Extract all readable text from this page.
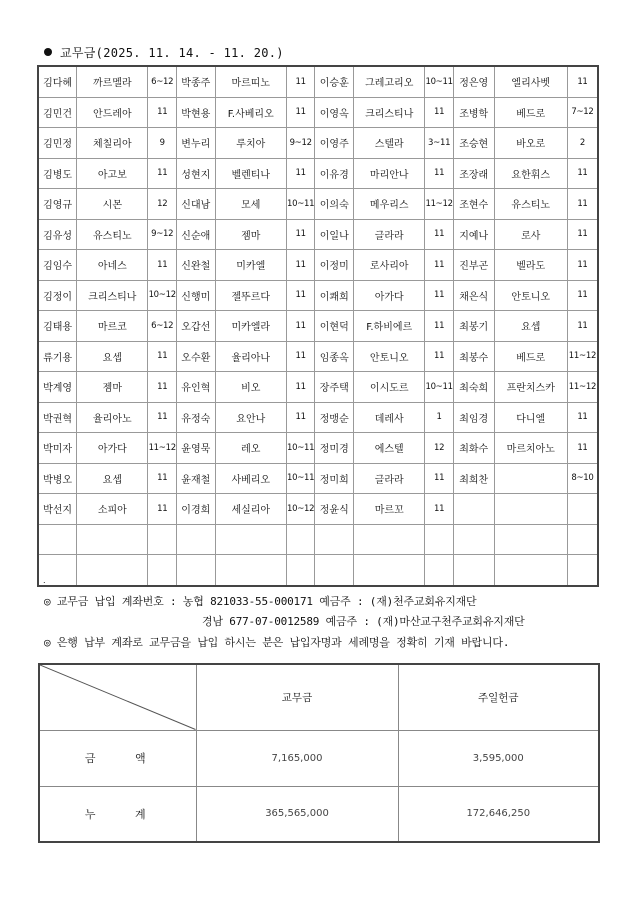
교무금(2025. 11. 14. - 11. 20.)
김다혜	까르멜라	6~12	박종주	마르띠노	11	이승훈	그레고리오	10~11	정은영	엘리사벳	11
김민건	안드레아	11	박현용	F.사베리오	11	이영옥	크리스티나	11	조병학	베드로	7~12
김민정	체칠리아	9	변누리	루치아	9~12	이영주	스텔라	3~11	조승현	바오로	2
김병도	아고보	11	성현지	벨렌티나	11	이유경	마리안나	11	조장래	요한휘스	11
김영규	시몬	12	신대남	모세	10~11	이의숙	메우리스	11~12	조현수	유스티노	11
김유성	유스티노	9~12	신순애	젬마	11	이일나	글라라	11	지예나	로사	11
김임수	아네스	11	신완철	미카엘	11	이정미	로사리아	11	진부곤	벨라도	11
김정이	크리스티나	10~12	신행미	젤뚜르다	11	이쾌희	아가다	11	채은식	안토니오	11
김태용	마르코	6~12	오갑선	미카엘라	11	이현덕	F.하비에르	11	최봉기	요셉	11
류기용	요셉	11	오수환	율리아나	11	임종옥	안토니오	11	최봉수	베드로	11~12
박계영	젬마	11	유인혁	비오	11	장주택	이시도르	10~11	최숙희	프란치스카	11~12
박권혁	율리아노	11	유정숙	요안나	11	정맹순	데레사	1	최임경	다니엘	11
박미자	아가다	11~12	윤영묵	레오	10~11	정미경	에스텔	12	최화수	마르치아노	11
박병오	요셉	11	윤재철	사베리오	10~11	정미희	글라라	11	최희찬		8~10
박선지	소피아	11	이경희	세실리아	10~12	정윤식	마르꼬	11			

.											
◎ 교무금 납입 계좌번호 : 농협 821033-55-000171 예금주 : (재)천주교회유지재단
경남 677-07-0012589 예금주 : (재)마산교구천주교회유지재단
◎ 은행 납부 계좌로 교무금을 납입 하시는 분은 납입자명과 세례명을 정확히 기재 바랍니다.
	교무금	주일헌금
금 액	7,165,000	3,595,000
누 계	365,565,000	172,646,250
